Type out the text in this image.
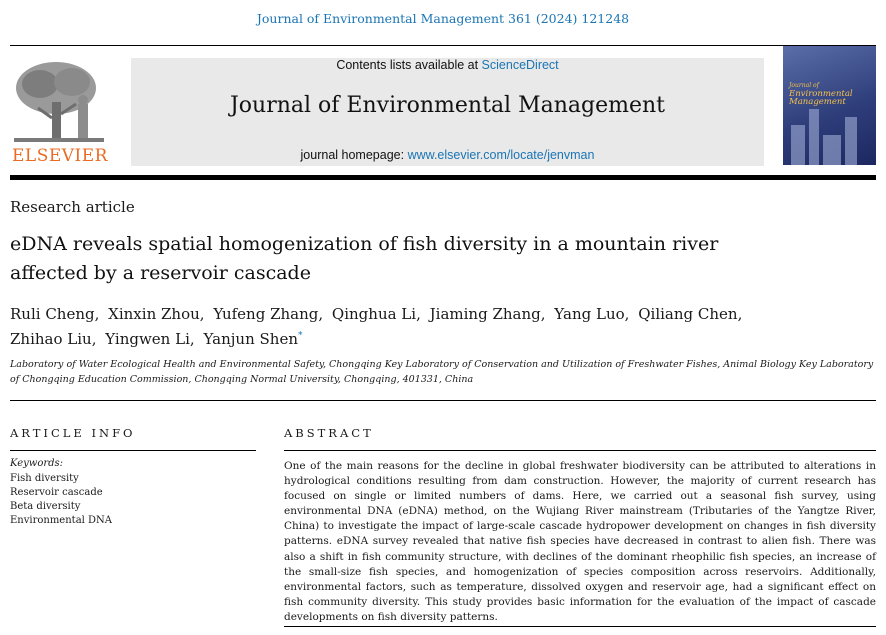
Journal of Environmental Management 361 (2024) 121248
ELSEVIER
Contents lists available at ScienceDirect
Journal of Environmental Management
journal homepage: www.elsevier.com/locate/jenvman
Journal of
Environmental
Management
Research article
eDNA reveals spatial homogenization of fish diversity in a mountain river affected by a reservoir cascade
Ruli Cheng, Xinxin Zhou, Yufeng Zhang, Qinghua Li, Jiaming Zhang, Yang Luo, Qiliang Chen,
Zhihao Liu, Yingwen Li, Yanjun Shen*
Laboratory of Water Ecological Health and Environmental Safety, Chongqing Key Laboratory of Conservation and Utilization of Freshwater Fishes, Animal Biology Key Laboratory of Chongqing Education Commission, Chongqing Normal University, Chongqing, 401331, China
ARTICLE INFO	ABSTRACT
Keywords:
Fish diversity
Reservoir cascade
Beta diversity
Environmental DNA
One of the main reasons for the decline in global freshwater biodiversity can be attributed to alterations in hydrological conditions resulting from dam construction. However, the majority of current research has focused on single or limited numbers of dams. Here, we carried out a seasonal fish survey, using environmental DNA (eDNA) method, on the Wujiang River mainstream (Tributaries of the Yangtze River, China) to investigate the impact of large-scale cascade hydropower development on changes in fish diversity patterns. eDNA survey revealed that native fish species have decreased in contrast to alien fish. There was also a shift in fish community structure, with declines of the dominant rheophilic fish species, an increase of the small-size fish species, and homogenization of species composition across reservoirs. Additionally, environmental factors, such as temperature, dissolved oxygen and reservoir age, had a significant effect on fish community diversity. This study provides basic information for the evaluation of the impact of cascade developments on fish diversity patterns.
